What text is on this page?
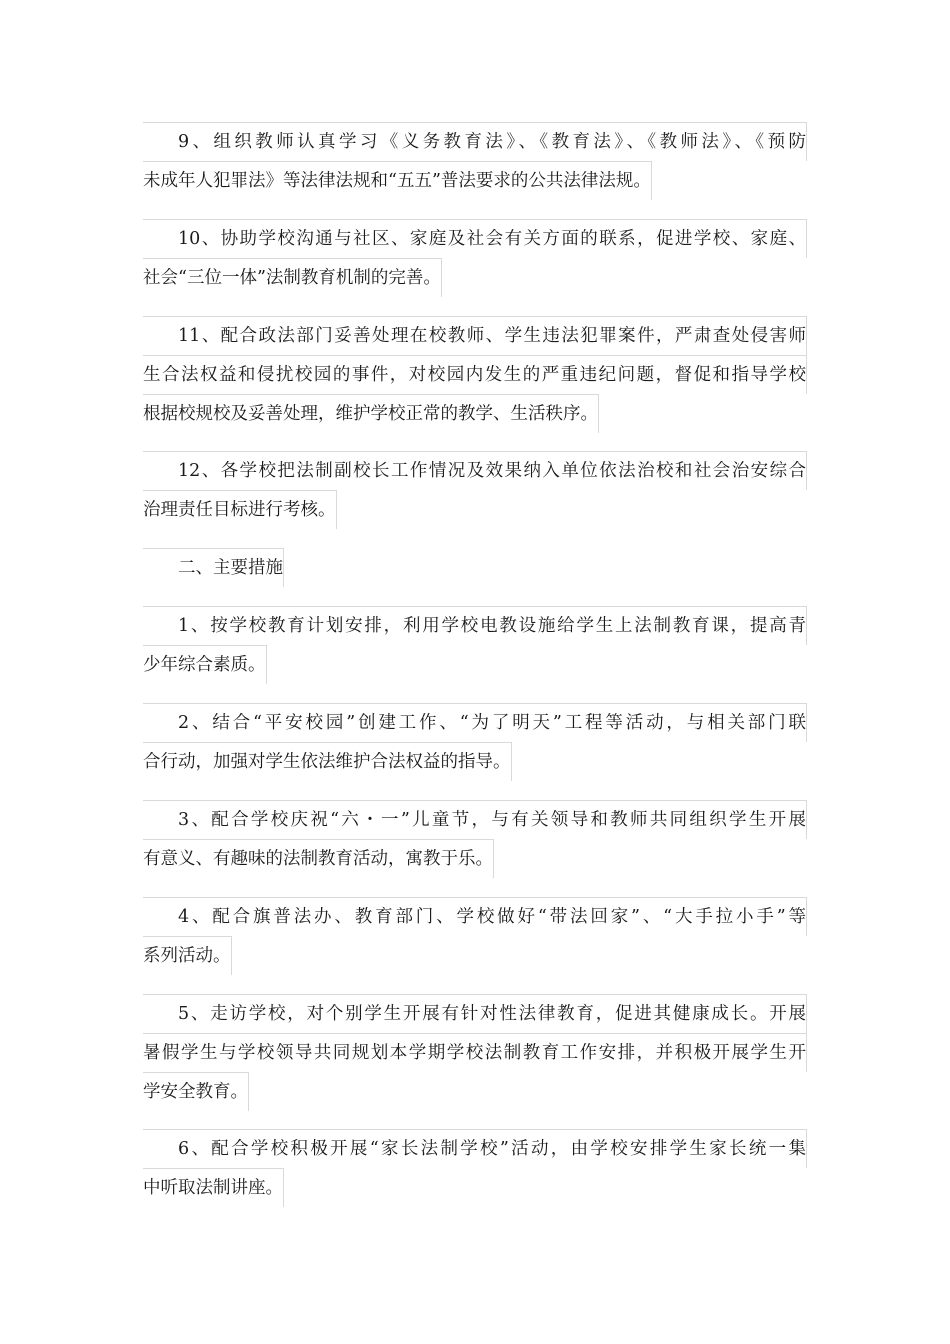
9、组织教师认真学习《义务教育法》、《教育法》、《教师法》、《预防
未成年人犯罪法》等法律法规和“五五”普法要求的公共法律法规。
10、协助学校沟通与社区、家庭及社会有关方面的联系，促进学校、家庭、
社会“三位一体”法制教育机制的完善。
11、配合政法部门妥善处理在校教师、学生违法犯罪案件，严肃查处侵害师
生合法权益和侵扰校园的事件，对校园内发生的严重违纪问题，督促和指导学校
根据校规校及妥善处理，维护学校正常的教学、生活秩序。
12、各学校把法制副校长工作情况及效果纳入单位依法治校和社会治安综合
治理责任目标进行考核。
二、主要措施
1、按学校教育计划安排，利用学校电教设施给学生上法制教育课，提高青
少年综合素质。
2、结合“平安校园”创建工作、“为了明天”工程等活动，与相关部门联
合行动，加强对学生依法维护合法权益的指导。
3、配合学校庆祝“六・一”儿童节，与有关领导和教师共同组织学生开展
有意义、有趣味的法制教育活动，寓教于乐。
4、配合旗普法办、教育部门、学校做好“带法回家”、“大手拉小手”等
系列活动。
5、走访学校，对个别学生开展有针对性法律教育，促进其健康成长。开展
暑假学生与学校领导共同规划本学期学校法制教育工作安排，并积极开展学生开
学安全教育。
6、配合学校积极开展“家长法制学校”活动，由学校安排学生家长统一集
中听取法制讲座。
